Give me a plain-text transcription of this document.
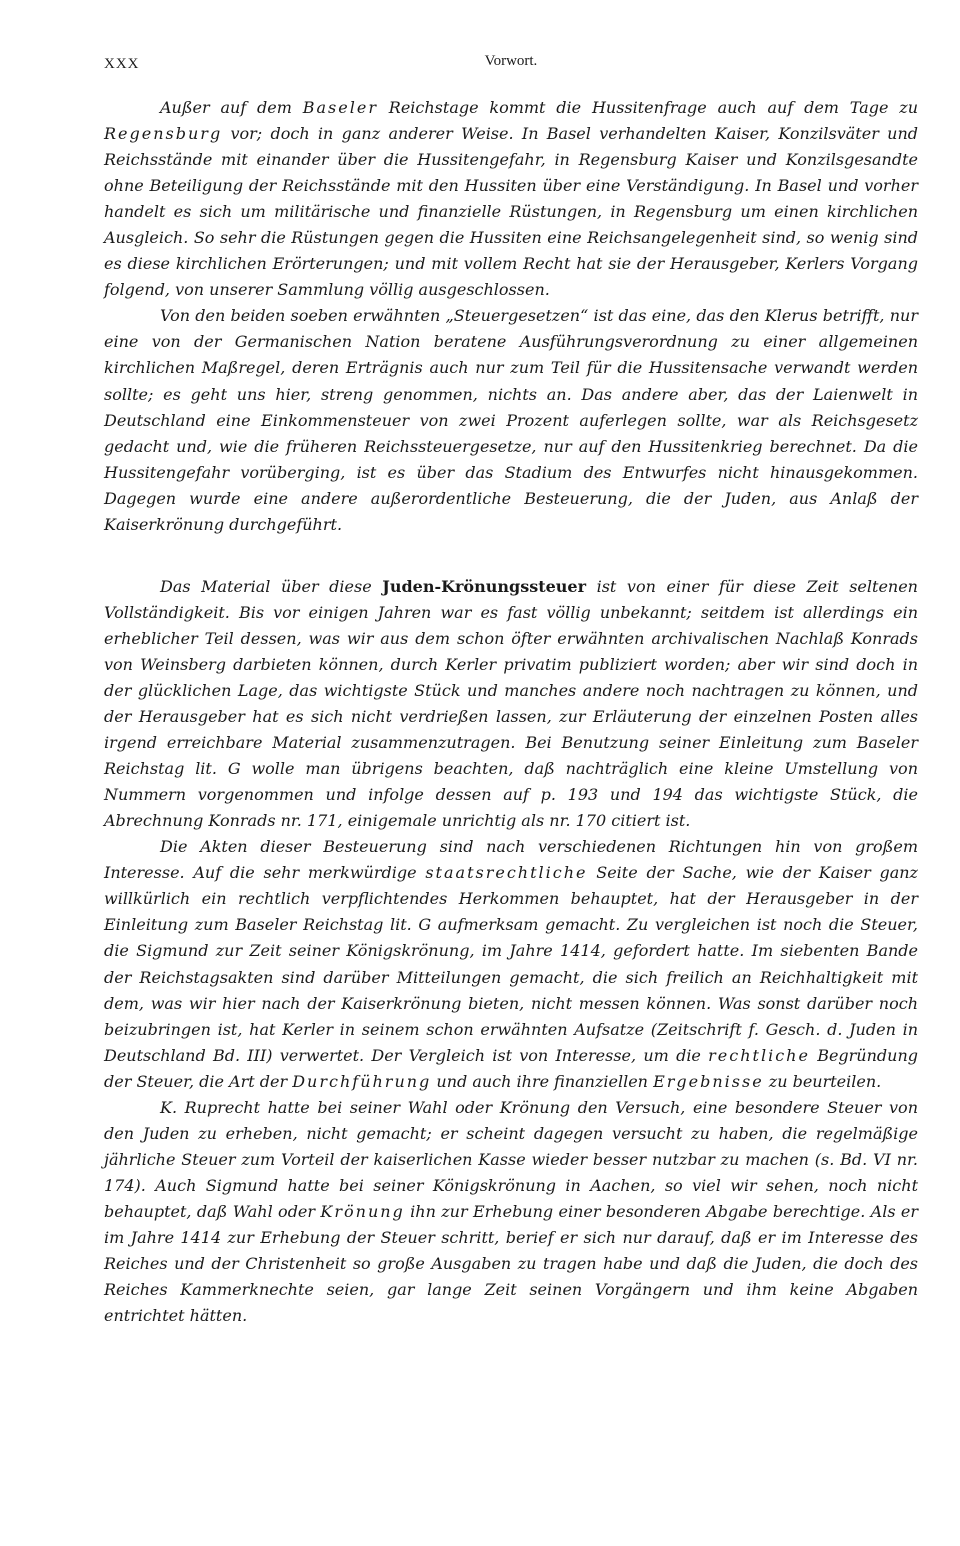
XXX	Vorwort.

Außer auf dem Baseler Reichstage kommt die Hussitenfrage auch auf dem Tage zu Regensburg vor; doch in ganz anderer Weise. In Basel verhandelten Kaiser, Konzilsväter und Reichsstände mit einander über die Hussitengefahr, in Regensburg Kaiser und Konzilsgesandte ohne Beteiligung der Reichsstände mit den Hussiten über eine Verständigung. In Basel und vorher handelt es sich um militärische und finanzielle Rüstungen, in Regensburg um einen kirchlichen Ausgleich. So sehr die Rüstungen gegen die Hussiten eine Reichsangelegenheit sind, so wenig sind es diese kirchlichen Erörterungen; und mit vollem Recht hat sie der Herausgeber, Kerlers Vorgang folgend, von unserer Sammlung völlig ausgeschlossen.

Von den beiden soeben erwähnten „Steuergesetzen“ ist das eine, das den Klerus betrifft, nur eine von der Germanischen Nation beratene Ausführungsverordnung zu einer allgemeinen kirchlichen Maßregel, deren Erträgnis auch nur zum Teil für die Hussitensache verwandt werden sollte; es geht uns hier, streng genommen, nichts an. Das andere aber, das der Laienwelt in Deutschland eine Einkommensteuer von zwei Prozent auferlegen sollte, war als Reichsgesetz gedacht und, wie die früheren Reichssteuergesetze, nur auf den Hussitenkrieg berechnet. Da die Hussitengefahr vorüberging, ist es über das Stadium des Entwurfes nicht hinausgekommen. Dagegen wurde eine andere außerordentliche Besteuerung, die der Juden, aus Anlaß der Kaiserkrönung durchgeführt.

Das Material über diese Juden-Krönungssteuer ist von einer für diese Zeit seltenen Vollständigkeit. Bis vor einigen Jahren war es fast völlig unbekannt; seitdem ist allerdings ein erheblicher Teil dessen, was wir aus dem schon öfter erwähnten archivalischen Nachlaß Konrads von Weinsberg darbieten können, durch Kerler privatim publiziert worden; aber wir sind doch in der glücklichen Lage, das wichtigste Stück und manches andere noch nachtragen zu können, und der Herausgeber hat es sich nicht verdrießen lassen, zur Erläuterung der einzelnen Posten alles irgend erreichbare Material zusammenzutragen. Bei Benutzung seiner Einleitung zum Baseler Reichstag lit. G wolle man übrigens beachten, daß nachträglich eine kleine Umstellung von Nummern vorgenommen und infolge dessen auf p. 193 und 194 das wichtigste Stück, die Abrechnung Konrads nr. 171, einigemale unrichtig als nr. 170 citiert ist.

Die Akten dieser Besteuerung sind nach verschiedenen Richtungen hin von großem Interesse. Auf die sehr merkwürdige staatsrechtliche Seite der Sache, wie der Kaiser ganz willkürlich ein rechtlich verpflichtendes Herkommen behauptet, hat der Herausgeber in der Einleitung zum Baseler Reichstag lit. G aufmerksam gemacht. Zu vergleichen ist noch die Steuer, die Sigmund zur Zeit seiner Königskrönung, im Jahre 1414, gefordert hatte. Im siebenten Bande der Reichstagsakten sind darüber Mitteilungen gemacht, die sich freilich an Reichhaltigkeit mit dem, was wir hier nach der Kaiserkrönung bieten, nicht messen können. Was sonst darüber noch beizubringen ist, hat Kerler in seinem schon erwähnten Aufsatze (Zeitschrift f. Gesch. d. Juden in Deutschland Bd. III) verwertet. Der Vergleich ist von Interesse, um die rechtliche Begründung der Steuer, die Art der Durchführung und auch ihre finanziellen Ergebnisse zu beurteilen.

K. Ruprecht hatte bei seiner Wahl oder Krönung den Versuch, eine besondere Steuer von den Juden zu erheben, nicht gemacht; er scheint dagegen versucht zu haben, die regelmäßige jährliche Steuer zum Vorteil der kaiserlichen Kasse wieder besser nutzbar zu machen (s. Bd. VI nr. 174). Auch Sigmund hatte bei seiner Königskrönung in Aachen, so viel wir sehen, noch nicht behauptet, daß Wahl oder Krönung ihn zur Erhebung einer besonderen Abgabe berechtige. Als er im Jahre 1414 zur Erhebung der Steuer schritt, berief er sich nur darauf, daß er im Interesse des Reiches und der Christenheit so große Ausgaben zu tragen habe und daß die Juden, die doch des Reiches Kammerknechte seien, gar lange Zeit seinen Vorgängern und ihm keine Abgaben entrichtet hätten.
